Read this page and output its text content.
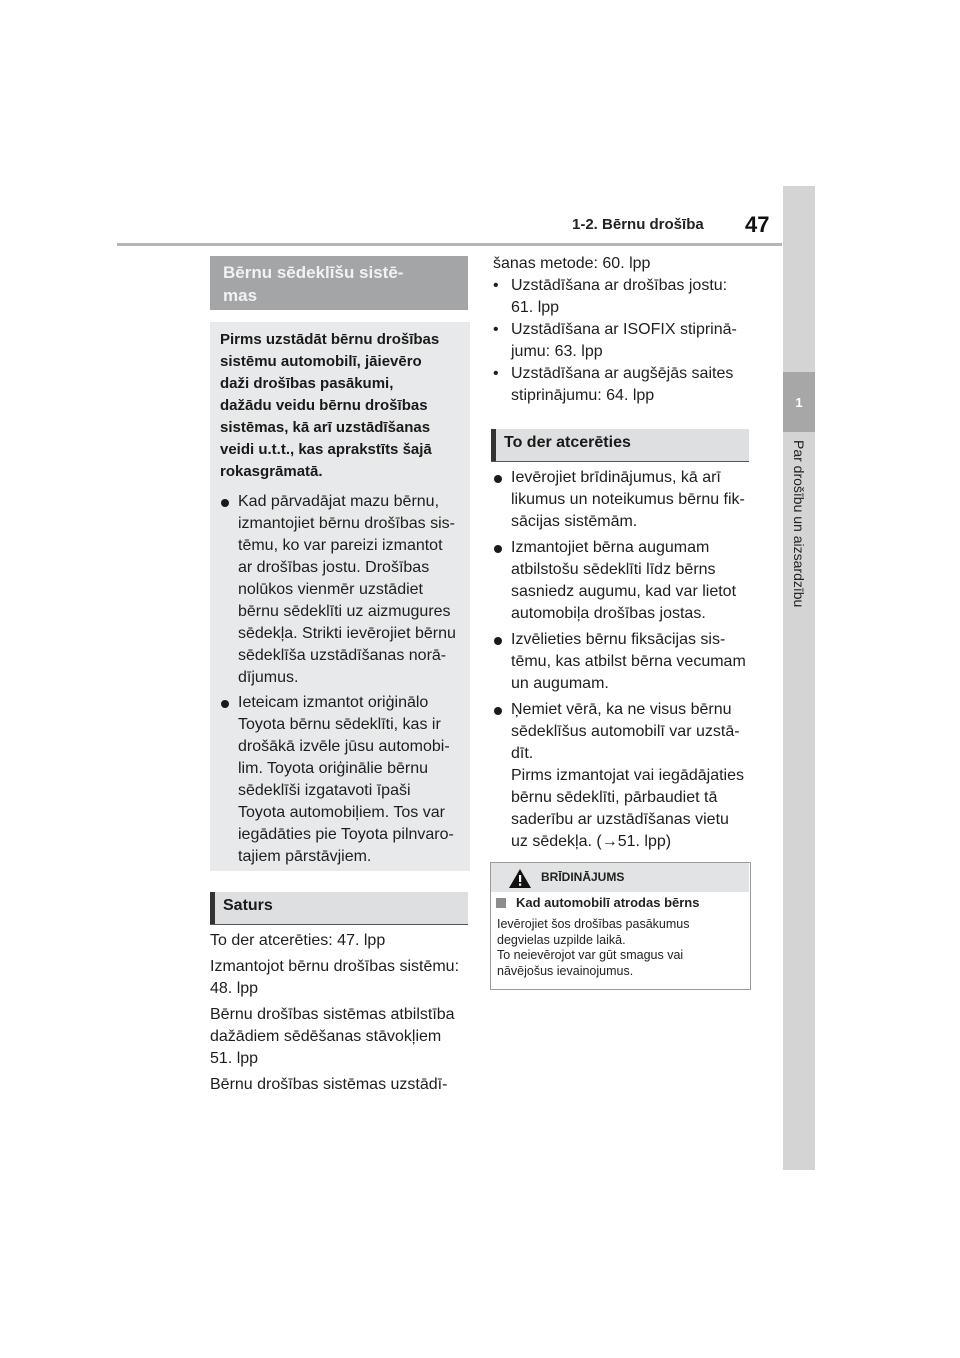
1-2. Bērnu drošība 47
1
Par drošību un aizsardzību
Bērnu sēdeklīšu sistē-
mas
Pirms uzstādāt bērnu drošības
sistēmu automobilī, jāievēro
daži drošības pasākumi,
dažādu veidu bērnu drošības
sistēmas, kā arī uzstādīšanas
veidi u.t.t., kas aprakstīts šajā
rokasgrāmatā.
Kad pārvadājat mazu bērnu,
izmantojiet bērnu drošības sis-
tēmu, ko var pareizi izmantot
ar drošības jostu. Drošības
nolūkos vienmēr uzstādiet
bērnu sēdeklīti uz aizmugures
sēdekļa. Strikti ievērojiet bērnu
sēdeklīša uzstādīšanas norā-
dījumus.
Ieteicam izmantot oriģinālo
Toyota bērnu sēdeklīti, kas ir
drošākā izvēle jūsu automobi-
lim. Toyota oriģinālie bērnu
sēdeklīši izgatavoti īpaši
Toyota automobiļiem. Tos var
iegādāties pie Toyota pilnvaro-
tajiem pārstāvjiem.
Saturs
To der atcerēties: 47. lpp
Izmantojot bērnu drošības sistēmu:
48. lpp
Bērnu drošības sistēmas atbilstība
dažādiem sēdēšanas stāvokļiem
51. lpp
Bērnu drošības sistēmas uzstādī-
šanas metode: 60. lpp
• Uzstādīšana ar drošības jostu:
61. lpp
• Uzstādīšana ar ISOFIX stiprinā-
jumu: 63. lpp
• Uzstādīšana ar augšējās saites
stiprinājumu: 64. lpp
To der atcerēties
Ievērojiet brīdinājumus, kā arī
likumus un noteikumus bērnu fik-
sācijas sistēmām.
Izmantojiet bērna augumam
atbilstošu sēdeklīti līdz bērns
sasniedz augumu, kad var lietot
automobiļa drošības jostas.
Izvēlieties bērnu fiksācijas sis-
tēmu, kas atbilst bērna vecumam
un augumam.
Ņemiet vērā, ka ne visus bērnu
sēdeklīšus automobilī var uzstā-
dīt.
Pirms izmantojat vai iegādājaties
bērnu sēdeklīti, pārbaudiet tā
saderību ar uzstādīšanas vietu
uz sēdekļa. (→51. lpp)
BRĪDINĀJUMS
Kad automobilī atrodas bērns
Ievērojiet šos drošības pasākumus
degvielas uzpilde laikā.
To neievērojot var gūt smagus vai
nāvējošus ievainojumus.
